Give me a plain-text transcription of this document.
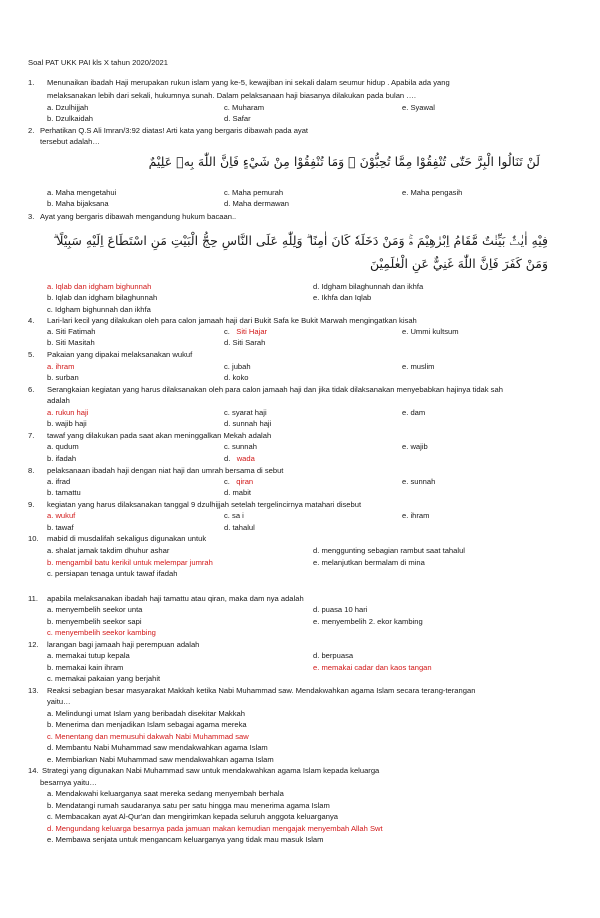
Soal PAT UKK PAI kls X tahun 2020/2021
1. Menunaikan ibadah Haji merupakan rukun islam yang ke-5, kewajiban ini sekali dalam seumur hidup . Apabila ada yang
melaksanakan lebih dari sekali, hukumnya sunah. Dalam pelaksanaan haji biasanya dilakukan pada bulan ….
a. Dzulhijjah
b. Dzulkaidah
c. Muharam
d. Safar
e. Syawal
2. Perhatikan Q.S Ali Imran/3:92 diatas! Arti kata yang bergaris dibawah pada ayat
tersebut adalah…
لَنْ تَنَالُوا الْبِرَّ حَتّٰى تُنْفِقُوْا مِمَّا تُحِبُّوْنَ ۗ وَمَا تُنْفِقُوْا مِنْ شَيْءٍ فَاِنَّ اللّٰهَ بِهٖ عَلِيْمٌ
a. Maha mengetahui
b. Maha bijaksana
c. Maha pemurah
d. Maha dermawan
e. Maha pengasih
3. Ayat yang bergaris dibawah mengandung hukum bacaan..
فِيْهِ اٰيٰتٌۢ بَيِّنٰتٌ مَّقَامُ اِبْرٰهِيْمَ ەۚ وَمَنْ دَخَلَهٗ كَانَ اٰمِنًا ۗ وَلِلّٰهِ عَلَى النَّاسِ حِجُّ الْبَيْتِ مَنِ اسْتَطَاعَ اِلَيْهِ سَبِيْلًا ۗ
وَمَنْ كَفَرَ فَاِنَّ اللّٰهَ غَنِيٌّ عَنِ الْعٰلَمِيْنَ
a. Iqlab dan idgham bighunnah
b. Iqlab dan idgham bilaghunnah
c. Idgham bighunnah dan ikhfa
d. Idgham bilaghunnah dan ikhfa
e. Ikhfa dan Iqlab
4. Lari-lari kecil yang dilakukan oleh para calon jamaah haji dari Bukit Safa ke Bukit Marwah mengingatkan kisah
a. Siti Fatimah
b. Siti Masitah
c. Siti Hajar
d. Siti Sarah
e. Ummi kultsum
5. Pakaian yang dipakai melaksanakan wukuf
a. ihram
b. surban
c. jubah
d. koko
e. muslim
6. Serangkaian kegiatan yang harus dilaksanakan oleh para calon jamaah haji dan jika tidak dilaksanakan menyebabkan hajinya tidak sah
adalah
a. rukun haji
b. wajib haji
c. syarat haji
d. sunnah haji
e. dam
7. tawaf yang dilakukan pada saat akan meninggalkan Mekah adalah
a. qudum
b. ifadah
c. sunnah
d. wada
e. wajib
8. pelaksanaan ibadah haji dengan niat haji dan umrah bersama di sebut
a. ifrad
b. tamattu
c. qiran
d. mabit
e. sunnah
9. kegiatan yang harus dilaksanakan tanggal 9 dzulhijjah setelah tergelincirnya matahari disebut
a. wukuf
b. tawaf
c. sa i
d. tahalul
e. ihram
10. mabid di musdalifah sekaligus digunakan untuk
a. shalat jamak takdim dhuhur ashar
b. mengambil batu kerikil untuk melempar jumrah
c. persiapan tenaga untuk tawaf ifadah
d. menggunting sebagian rambut saat tahalul
e. melanjutkan bermalam di mina
11. apabila melaksanakan ibadah haji tamattu atau qiran, maka dam nya adalah
a. menyembelih seekor unta
b. menyembelih seekor sapi
c. menyembelih seekor kambing
d. puasa 10 hari
e. menyembelih 2. ekor kambing
12. larangan bagi jamaah haji perempuan adalah
a. memakai tutup kepala
b. memakai kain ihram
c. memakai pakaian yang berjahit
d. berpuasa
e. memakai cadar dan kaos tangan
13. Reaksi sebagian besar masyarakat Makkah ketika Nabi Muhammad saw. Mendakwahkan agama Islam secara terang-terangan
yaitu…
a. Melindungi umat Islam yang beribadah disekitar Makkah
b. Menerima dan menjadikan Islam sebagai agama mereka
c. Menentang dan memusuhi dakwah Nabi Muhammad saw
d. Membantu Nabi Muhammad saw mendakwahkan agama Islam
e. Membiarkan Nabi Muhammad saw mendakwahkan agama Islam
14. Strategi yang digunakan Nabi Muhammad saw untuk mendakwahkan agama Islam kepada keluarga
besarnya yaitu…
a. Mendakwahi keluarganya saat mereka sedang menyembah berhala
b. Mendatangi rumah saudaranya satu per satu hingga mau menerima agama Islam
c. Membacakan ayat Al-Qur'an dan mengirimkan kepada seluruh anggota keluarganya
d. Mengundang keluarga besarnya pada jamuan makan kemudian mengajak menyembah Allah Swt
e. Membawa senjata untuk mengancam keluarganya yang tidak mau masuk Islam
